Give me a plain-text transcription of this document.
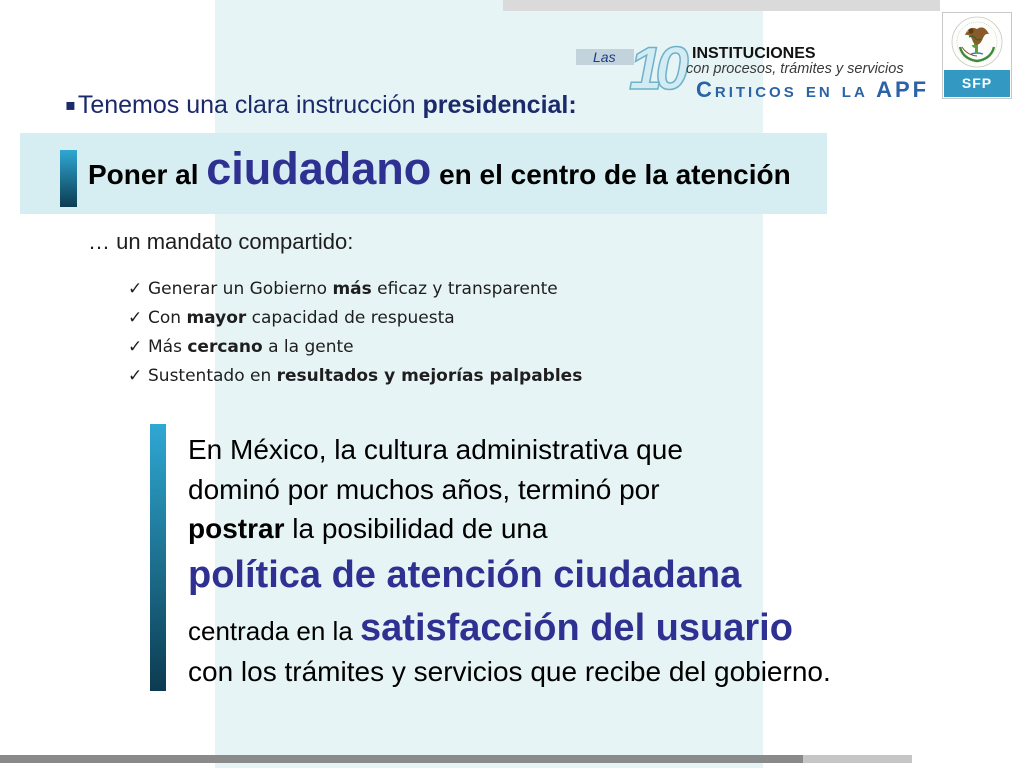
Las 10 INSTITUCIONES
con procesos, trámites y servicios
Criticos en la APF	SFP
▪Tenemos una clara instrucción presidencial:
Poner al ciudadano en el centro de la atención
… un mandato compartido:
✓ Generar un Gobierno más eficaz y transparente
✓ Con mayor capacidad de respuesta
✓ Más cercano a la gente
✓ Sustentado en resultados y mejorías palpables
En México, la cultura administrativa que
dominó por muchos años, terminó por
postrar la posibilidad de una
política de atención ciudadana
centrada en la satisfacción del usuario
con los trámites y servicios que recibe del gobierno.
